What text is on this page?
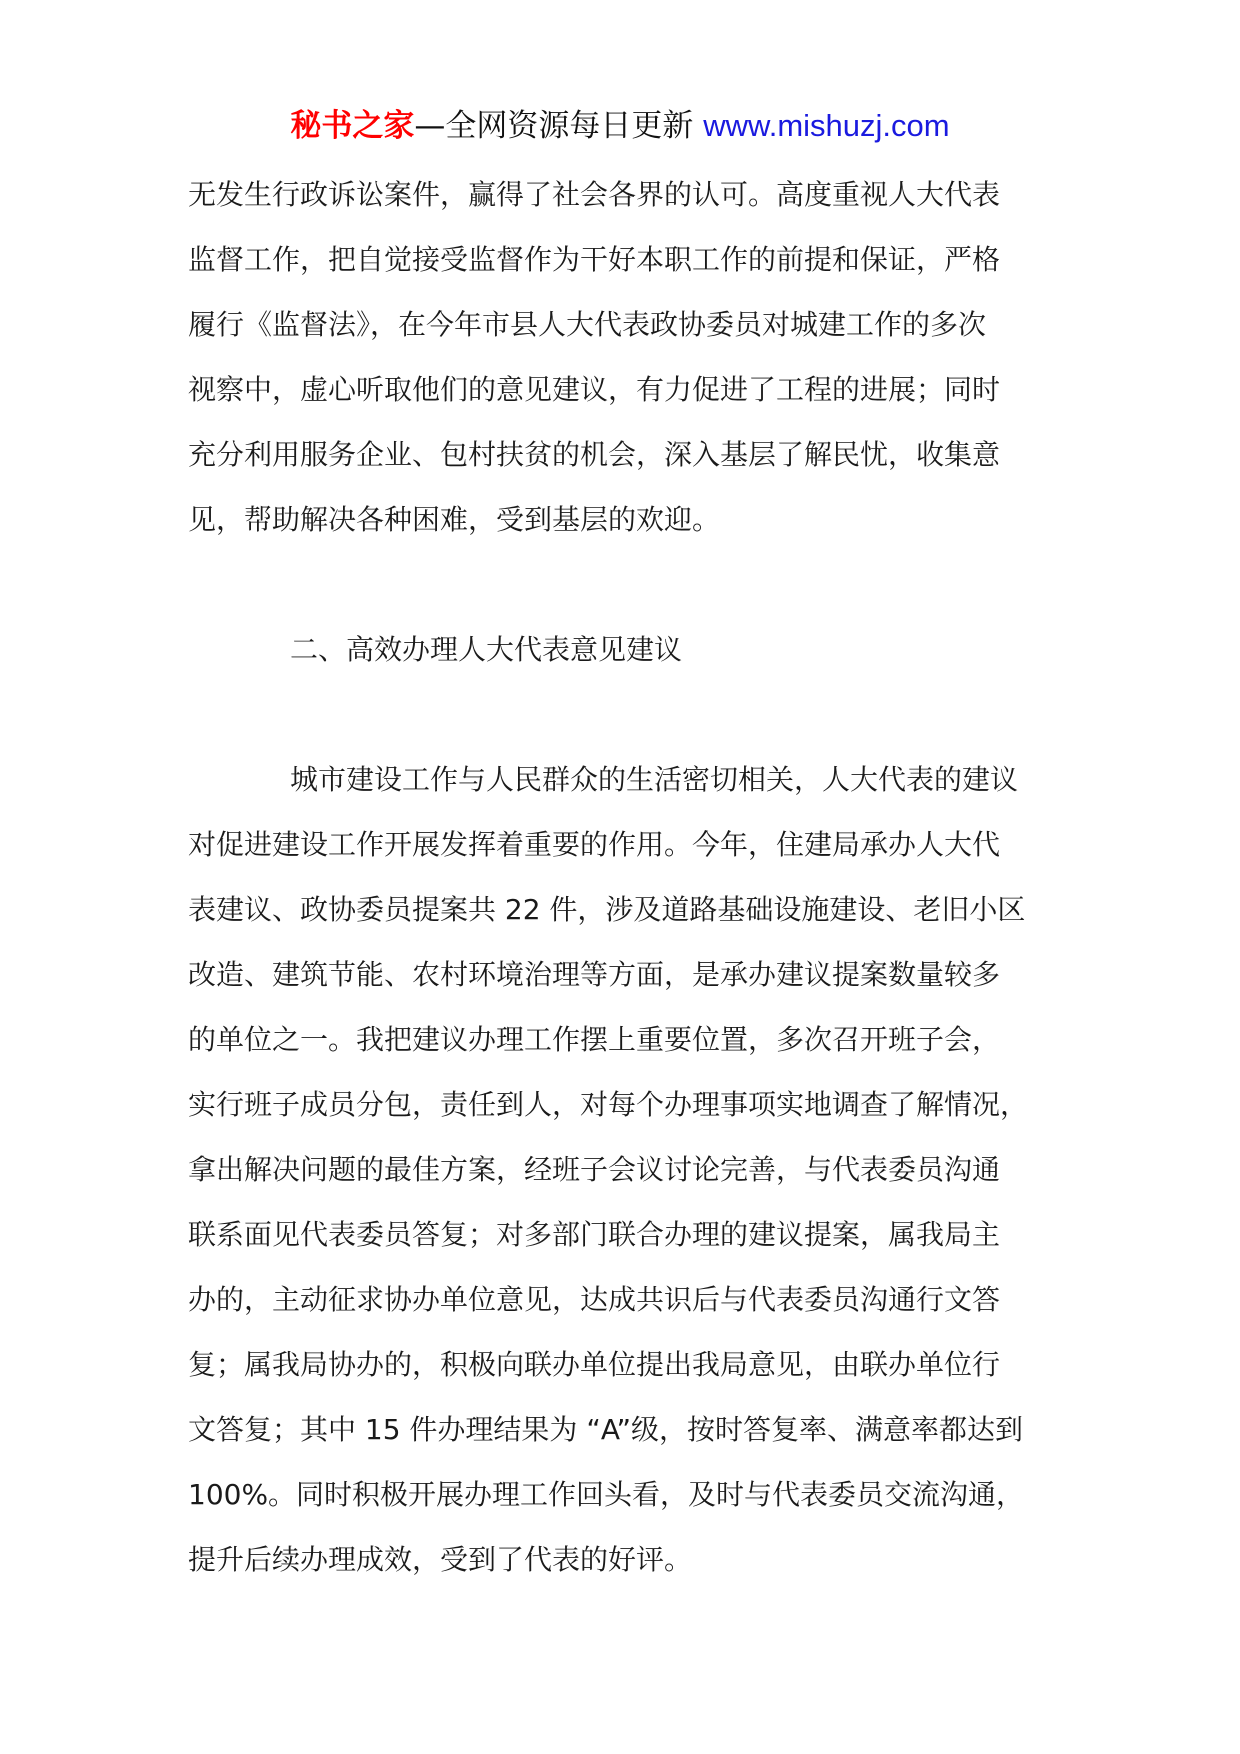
秘书之家—全网资源每日更新 www.mishuzj.com

无发生行政诉讼案件，赢得了社会各界的认可。高度重视人大代表
监督工作，把自觉接受监督作为干好本职工作的前提和保证，严格
履行《监督法》，在今年市县人大代表政协委员对城建工作的多次
视察中，虚心听取他们的意见建议，有力促进了工程的进展；同时
充分利用服务企业、包村扶贫的机会，深入基层了解民忧，收集意
见，帮助解决各种困难，受到基层的欢迎。

二、高效办理人大代表意见建议

城市建设工作与人民群众的生活密切相关，人大代表的建议
对促进建设工作开展发挥着重要的作用。今年，住建局承办人大代
表建议、政协委员提案共 22 件，涉及道路基础设施建设、老旧小区
改造、建筑节能、农村环境治理等方面，是承办建议提案数量较多
的单位之一。我把建议办理工作摆上重要位置，多次召开班子会，
实行班子成员分包，责任到人，对每个办理事项实地调查了解情况，
拿出解决问题的最佳方案，经班子会议讨论完善，与代表委员沟通
联系面见代表委员答复；对多部门联合办理的建议提案，属我局主
办的，主动征求协办单位意见，达成共识后与代表委员沟通行文答
复；属我局协办的，积极向联办单位提出我局意见，由联办单位行
文答复；其中 15 件办理结果为 “A”级，按时答复率、满意率都达到
100%。同时积极开展办理工作回头看，及时与代表委员交流沟通，
提升后续办理成效，受到了代表的好评。
